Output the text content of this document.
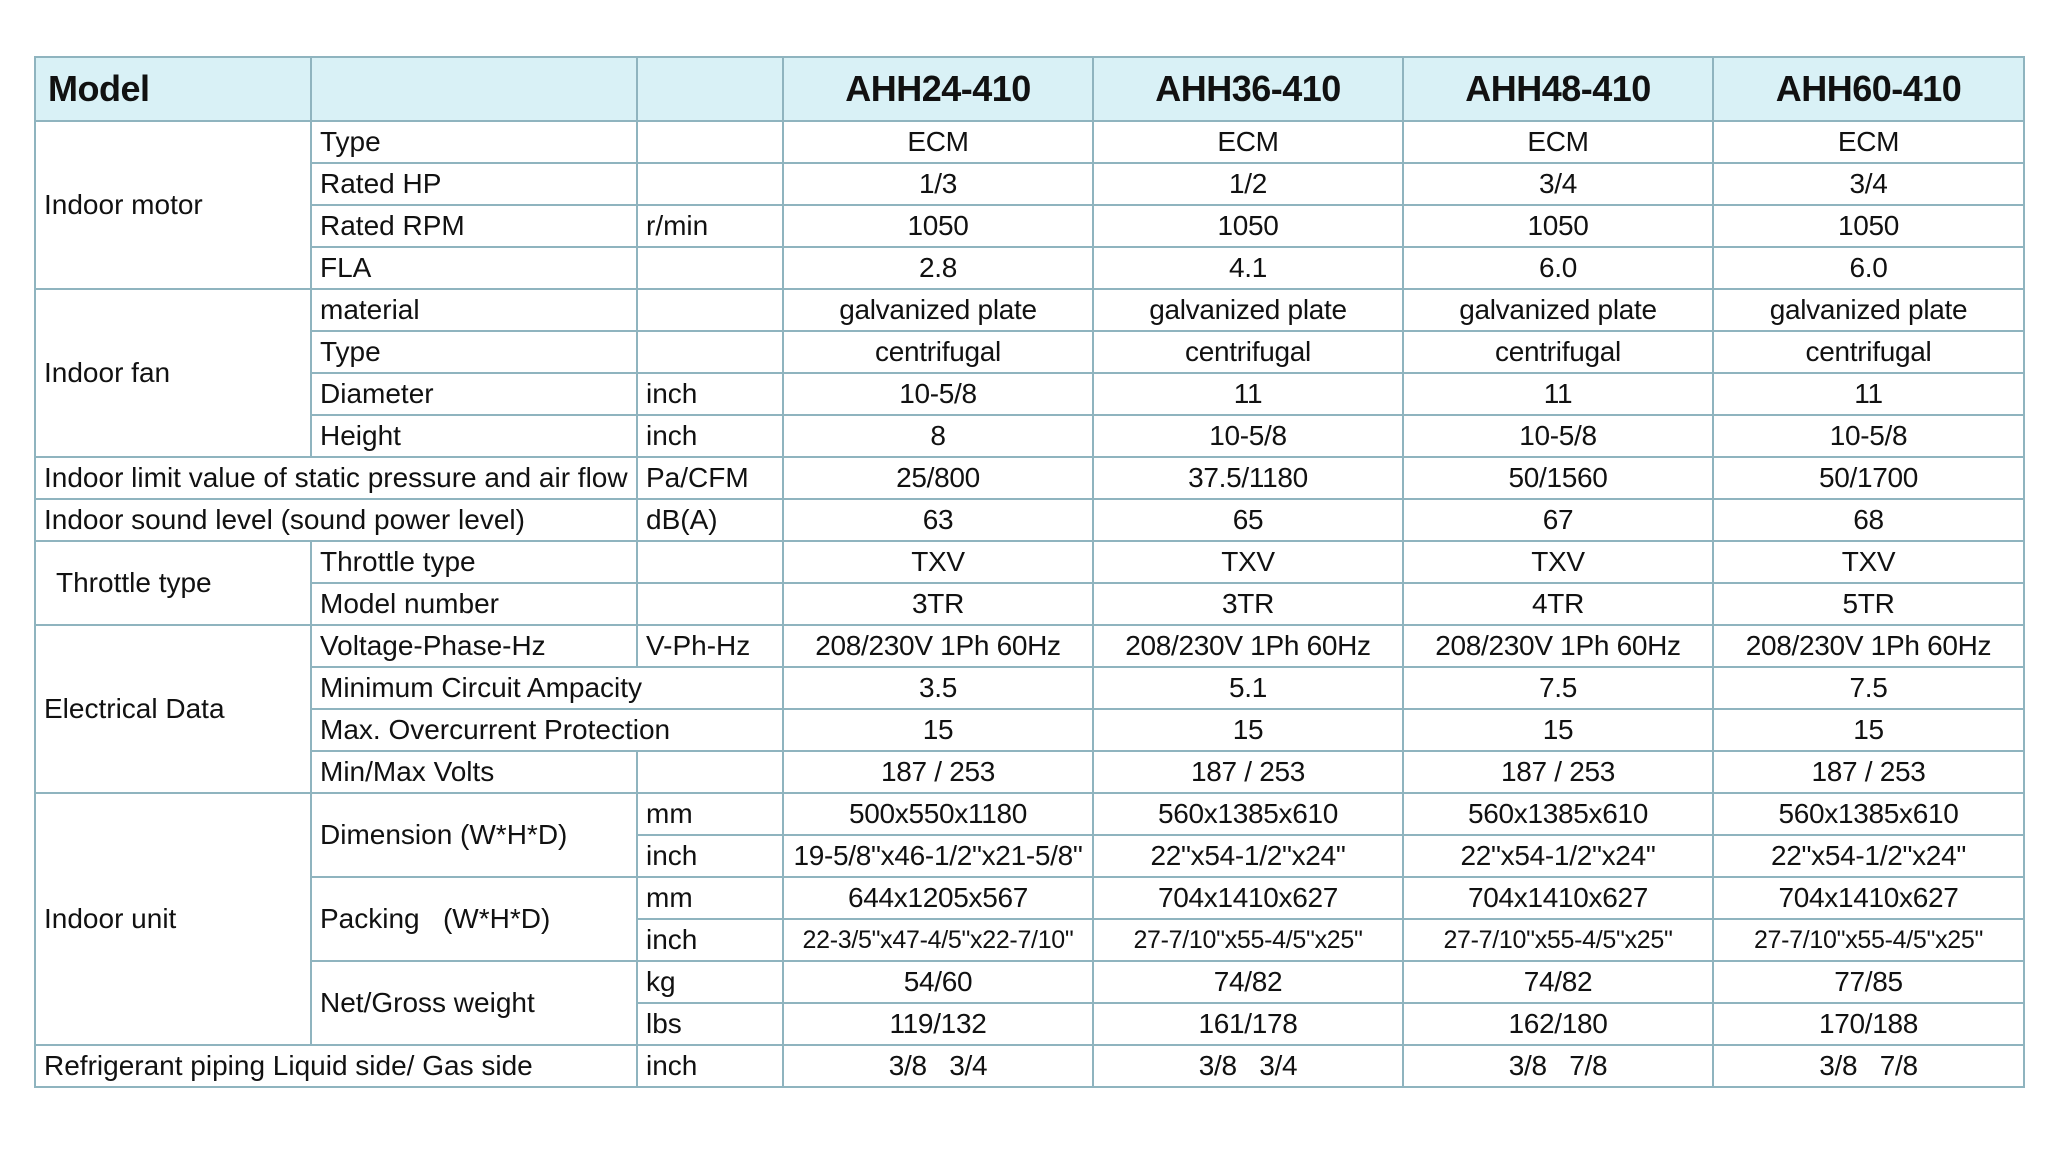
Model			AHH24-410	AHH36-410	AHH48-410	AHH60-410
Indoor motor	Type		ECM	ECM	ECM	ECM
	Rated HP		1/3	1/2	3/4	3/4
	Rated RPM	r/min	1050	1050	1050	1050
	FLA		2.8	4.1	6.0	6.0
Indoor fan	material		galvanized plate	galvanized plate	galvanized plate	galvanized plate
	Type		centrifugal	centrifugal	centrifugal	centrifugal
	Diameter	inch	10-5/8	11	11	11
	Height	inch	8	10-5/8	10-5/8	10-5/8
Indoor limit value of static pressure and air flow		Pa/CFM	25/800	37.5/1180	50/1560	50/1700
Indoor sound level (sound power level)		dB(A)	63	65	67	68
Throttle type	Throttle type		TXV	TXV	TXV	TXV
	Model number		3TR	3TR	4TR	5TR
Electrical Data	Voltage-Phase-Hz	V-Ph-Hz	208/230V 1Ph 60Hz	208/230V 1Ph 60Hz	208/230V 1Ph 60Hz	208/230V 1Ph 60Hz
	Minimum Circuit Ampacity		3.5	5.1	7.5	7.5
	Max. Overcurrent Protection		15	15	15	15
	Min/Max Volts		187 / 253	187 / 253	187 / 253	187 / 253
Indoor unit	Dimension (W*H*D)	mm	500x550x1180	560x1385x610	560x1385x610	560x1385x610
		inch	19-5/8"x46-1/2"x21-5/8"	22"x54-1/2"x24"	22"x54-1/2"x24"	22"x54-1/2"x24"
	Packing   (W*H*D)	mm	644x1205x567	704x1410x627	704x1410x627	704x1410x627
		inch	22-3/5"x47-4/5"x22-7/10"	27-7/10"x55-4/5"x25"	27-7/10"x55-4/5"x25"	27-7/10"x55-4/5"x25"
	Net/Gross weight	kg	54/60	74/82	74/82	77/85
		lbs	119/132	161/178	162/180	170/188
Refrigerant piping Liquid side/ Gas side		inch	3/8   3/4	3/8   3/4	3/8   7/8	3/8   7/8
